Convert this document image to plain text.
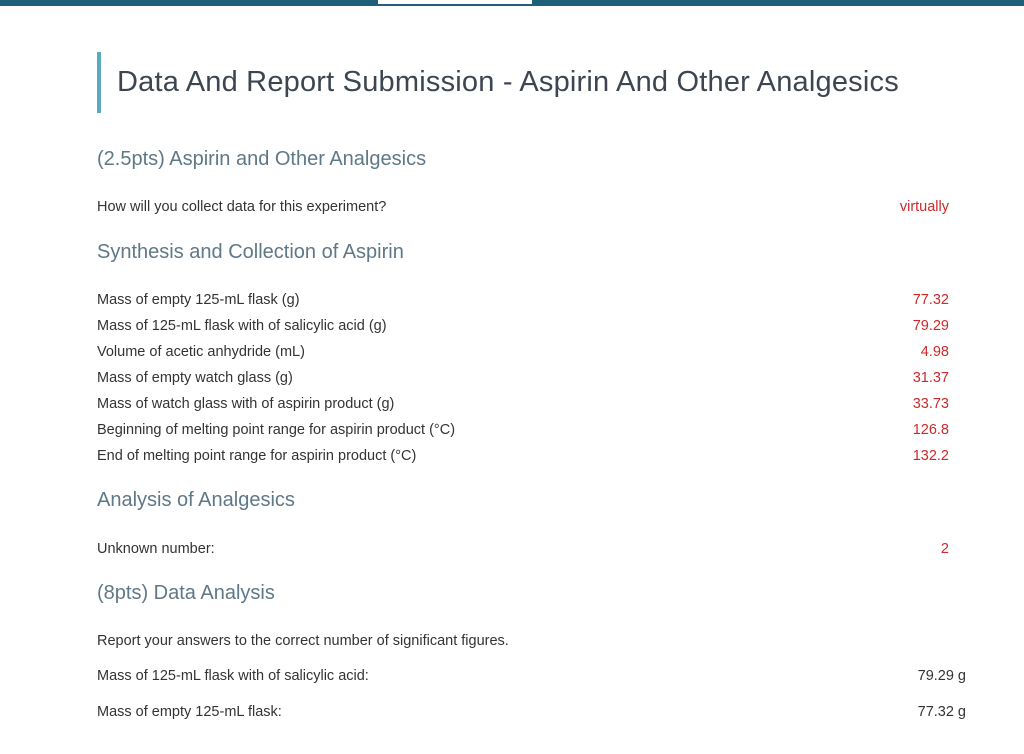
Data And Report Submission - Aspirin And Other Analgesics
(2.5pts) Aspirin and Other Analgesics
How will you collect data for this experiment?	virtually
Synthesis and Collection of Aspirin
Mass of empty 125-mL flask (g)	77.32
Mass of 125-mL flask with of salicylic acid (g)	79.29
Volume of acetic anhydride (mL)	4.98
Mass of empty watch glass (g)	31.37
Mass of watch glass with of aspirin product (g)	33.73
Beginning of melting point range for aspirin product (°C)	126.8
End of melting point range for aspirin product (°C)	132.2
Analysis of Analgesics
Unknown number:	2
(8pts) Data Analysis
Report your answers to the correct number of significant figures.
Mass of 125-mL flask with of salicylic acid:	79.29 g
Mass of empty 125-mL flask:	77.32 g
